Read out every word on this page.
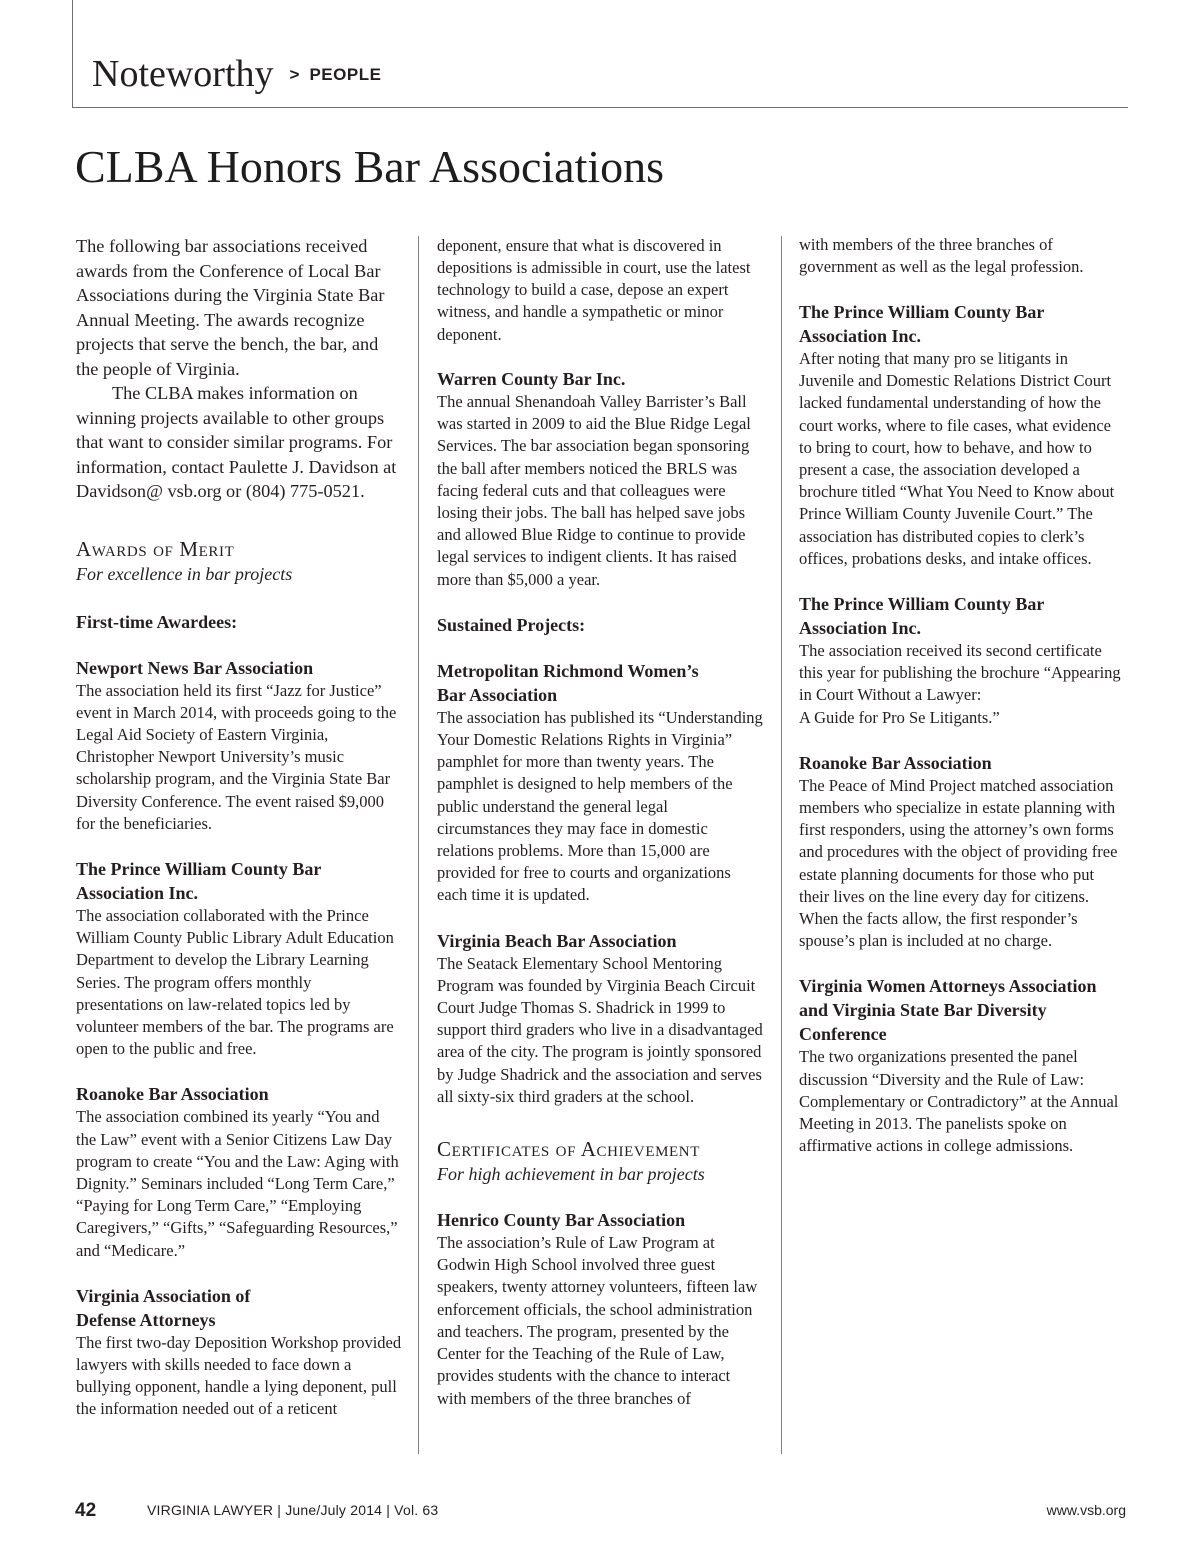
Noteworthy > PEOPLE
CLBA Honors Bar Associations

The following bar associations received awards from the Conference of Local Bar Associations during the Virginia State Bar Annual Meeting. The awards recognize projects that serve the bench, the bar, and the people of Virginia.

The CLBA makes information on winning projects available to other groups that want to consider similar programs. For information, contact Paulette J. Davidson at Davidson@ vsb.org or (804) 775-0521.

Awards of Merit

For excellence in bar projects

First-time Awardees:

Newport News Bar Association

The association held its first “Jazz for Justice” event in March 2014, with proceeds going to the Legal Aid Society of Eastern Virginia, Christopher Newport University’s music scholarship program, and the Virginia State Bar Diversity Conference. The event raised $9,000 for the beneficiaries.

The Prince William County Bar Association Inc.

The association collaborated with the Prince William County Public Library Adult Education Department to develop the Library Learning Series. The program offers monthly presentations on law-related topics led by volunteer members of the bar. The programs are open to the public and free.

Roanoke Bar Association

The association combined its yearly “You and the Law” event with a Senior Citizens Law Day program to create “You and the Law: Aging with Dignity.” Seminars included “Long Term Care,” “Paying for Long Term Care,” “Employing Caregivers,” “Gifts,” “Safeguarding Resources,” and “Medicare.”

Virginia Association of Defense Attorneys

The first two-day Deposition Workshop provided lawyers with skills needed to face down a bullying opponent, handle a lying deponent, pull the information needed out of a reticent

deponent, ensure that what is discovered in depositions is admissible in court, use the latest technology to build a case, depose an expert witness, and handle a sympathetic or minor deponent.

Warren County Bar Inc.

The annual Shenandoah Valley Barrister’s Ball was started in 2009 to aid the Blue Ridge Legal Services. The bar association began sponsoring the ball after members noticed the BRLS was facing federal cuts and that colleagues were losing their jobs. The ball has helped save jobs and allowed Blue Ridge to continue to provide legal services to indigent clients. It has raised more than $5,000 a year.

Sustained Projects:

Metropolitan Richmond Women’s Bar Association

The association has published its “Understanding Your Domestic Relations Rights in Virginia” pamphlet for more than twenty years. The pamphlet is designed to help members of the public understand the general legal circumstances they may face in domestic relations problems. More than 15,000 are provided for free to courts and organizations each time it is updated.

Virginia Beach Bar Association

The Seatack Elementary School Mentoring Program was founded by Virginia Beach Circuit Court Judge Thomas S. Shadrick in 1999 to support third graders who live in a disadvantaged area of the city. The program is jointly sponsored by Judge Shadrick and the association and serves all sixty-six third graders at the school.

Certificates of Achievement

For high achievement in bar projects

Henrico County Bar Association

The association’s Rule of Law Program at Godwin High School involved three guest speakers, twenty attorney volunteers, fifteen law enforcement officials, the school administration and teachers. The program, presented by the Center for the Teaching of the Rule of Law, provides students with the chance to interact with members of the three branches of

with members of the three branches of government as well as the legal profession.

The Prince William County Bar Association Inc.

After noting that many pro se litigants in Juvenile and Domestic Relations District Court lacked fundamental understanding of how the court works, where to file cases, what evidence to bring to court, how to behave, and how to present a case, the association developed a brochure titled “What You Need to Know about Prince William County Juvenile Court.” The association has distributed copies to clerk’s offices, probations desks, and intake offices.

The Prince William County Bar Association Inc.

The association received its second certificate this year for publishing the brochure “Appearing in Court Without a Lawyer:

A Guide for Pro Se Litigants.”

Roanoke Bar Association

The Peace of Mind Project matched association members who specialize in estate planning with first responders, using the attorney’s own forms and procedures with the object of providing free estate planning documents for those who put their lives on the line every day for citizens. When the facts allow, the first responder’s spouse’s plan is included at no charge.

Virginia Women Attorneys Association and Virginia State Bar Diversity Conference

The two organizations presented the panel discussion “Diversity and the Rule of Law: Complementary or Contradictory” at the Annual Meeting in 2013. The panelists spoke on affirmative actions in college admissions.

42	VIRGINIA LAWYER | June/July 2014 | Vol. 63	www.vsb.org
